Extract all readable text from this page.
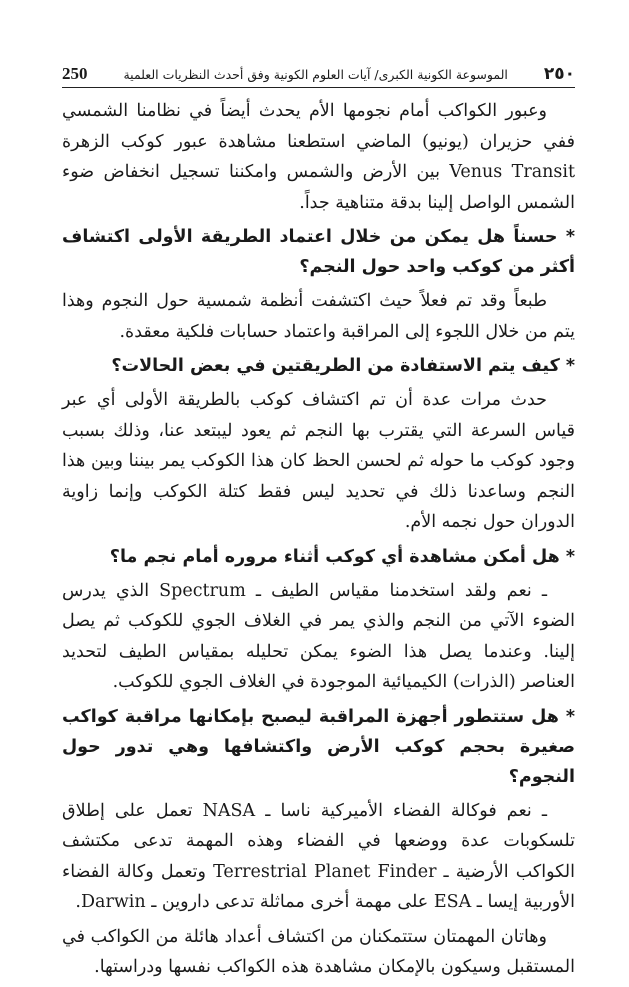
٢٥٠
الموسوعة الكونية الكبرى/ آيات العلوم الكونية وفق أحدث النظريات العلمية
250

وعبور الكواكب أمام نجومها الأم يحدث أيضاً في نظامنا الشمسي ففي حزيران (يونيو) الماضي استطعنا مشاهدة عبور كوكب الزهرة Venus Transit بين الأرض والشمس وامكننا تسجيل انخفاض ضوء الشمس الواصل إلينا بدقة متناهية جداً.

* حسناً هل يمكن من خلال اعتماد الطريقة الأولى اكتشاف أكثر من كوكب واحد حول النجم؟

طبعاً وقد تم فعلاً حيث اكتشفت أنظمة شمسية حول النجوم وهذا يتم من خلال اللجوء إلى المراقبة واعتماد حسابات فلكية معقدة.

* كيف يتم الاستفادة من الطريقتين في بعض الحالات؟

حدث مرات عدة أن تم اكتشاف كوكب بالطريقة الأولى أي عبر قياس السرعة التي يقترب بها النجم ثم يعود ليبتعد عنا، وذلك بسبب وجود كوكب ما حوله ثم لحسن الحظ كان هذا الكوكب يمر بيننا وبين هذا النجم وساعدنا ذلك في تحديد ليس فقط كتلة الكوكب وإنما زاوية الدوران حول نجمه الأم.

* هل أمكن مشاهدة أي كوكب أثناء مروره أمام نجم ما؟

ـ نعم ولقد استخدمنا مقياس الطيف ـ Spectrum الذي يدرس الضوء الآتي من النجم والذي يمر في الغلاف الجوي للكوكب ثم يصل إلينا. وعندما يصل هذا الضوء يمكن تحليله بمقياس الطيف لتحديد العناصر (الذرات) الكيميائية الموجودة في الغلاف الجوي للكوكب.

* هل ستتطور أجهزة المراقبة ليصبح بإمكانها مراقبة كواكب صغيرة بحجم كوكب الأرض واكتشافها وهي تدور حول النجوم؟

ـ نعم فوكالة الفضاء الأميركية ناسا ـ NASA تعمل على إطلاق تلسكوبات عدة ووضعها في الفضاء وهذه المهمة تدعى مكتشف الكواكب الأرضية ـ Terrestrial Planet Finder وتعمل وكالة الفضاء الأوربية إيسا ـ ESA على مهمة أخرى مماثلة تدعى داروين ـ Darwin.

وهاتان المهمتان ستتمكنان من اكتشاف أعداد هائلة من الكواكب في المستقبل وسيكون بالإمكان مشاهدة هذه الكواكب نفسها ودراستها.
